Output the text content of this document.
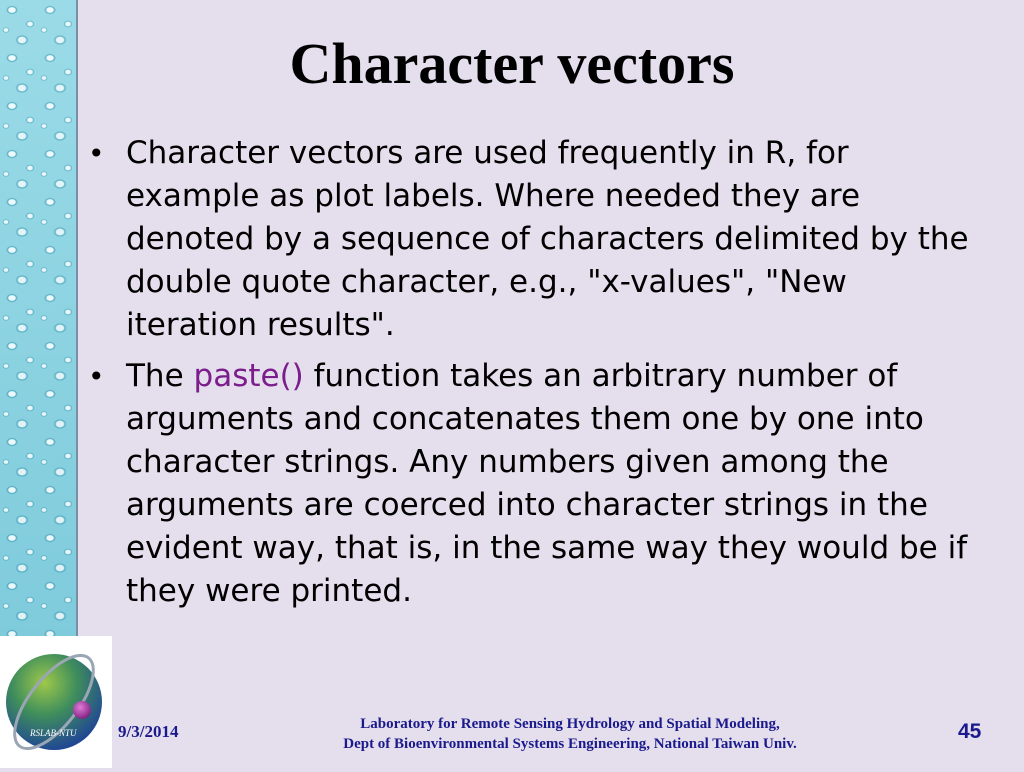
Character vectors
• Character vectors are used frequently in R, for example as plot labels. Where needed they are denoted by a sequence of characters delimited by the double quote character, e.g., "x-values", "New iteration results".
• The paste() function takes an arbitrary number of arguments and concatenates them one by one into character strings. Any numbers given among the arguments are coerced into character strings in the evident way, that is, in the same way they would be if they were printed.
RSLAB-NTU 9/3/2014	Laboratory for Remote Sensing Hydrology and Spatial Modeling,
Dept of Bioenvironmental Systems Engineering, National Taiwan Univ.
45
